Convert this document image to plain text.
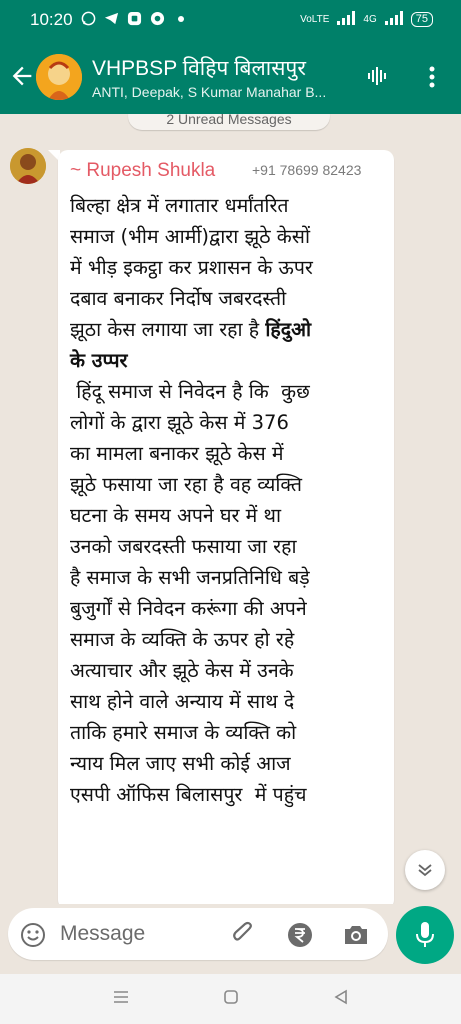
10:20	VoLTE	4G	75
VHPBSP विहिप बिलासपुर
ANTI, Deepak, S Kumar Manahar B...
2 Unread Messages
~ Rupesh Shukla	+91 78699 82423
बिल्हा क्षेत्र में लगातार धर्मांतरित
समाज (भीम आर्मी)द्वारा झूठे केसों
में भीड़ इकट्ठा कर प्रशासन के ऊपर
दबाव बनाकर निर्दोष जबरदस्ती
झूठा केस लगाया जा रहा है हिंदुओ
के उप्पर
हिंदू समाज से निवेदन है कि  कुछ
लोगों के द्वारा झूठे केस में 376
का मामला बनाकर झूठे केस में
झूठे फसाया जा रहा है वह व्यक्ति
घटना के समय अपने घर में था
उनको जबरदस्ती फसाया जा रहा
है समाज के सभी जनप्रतिनिधि बड़े
बुजुर्गों से निवेदन करूंगा की अपने
समाज के व्यक्ति के ऊपर हो रहे
अत्याचार और झूठे केस में उनके
साथ होने वाले अन्याय में साथ दे
ताकि हमारे समाज के व्यक्ति को
न्याय मिल जाए सभी कोई आज
एसपी ऑफिस बिलासपुर  में पहुंच
Message
